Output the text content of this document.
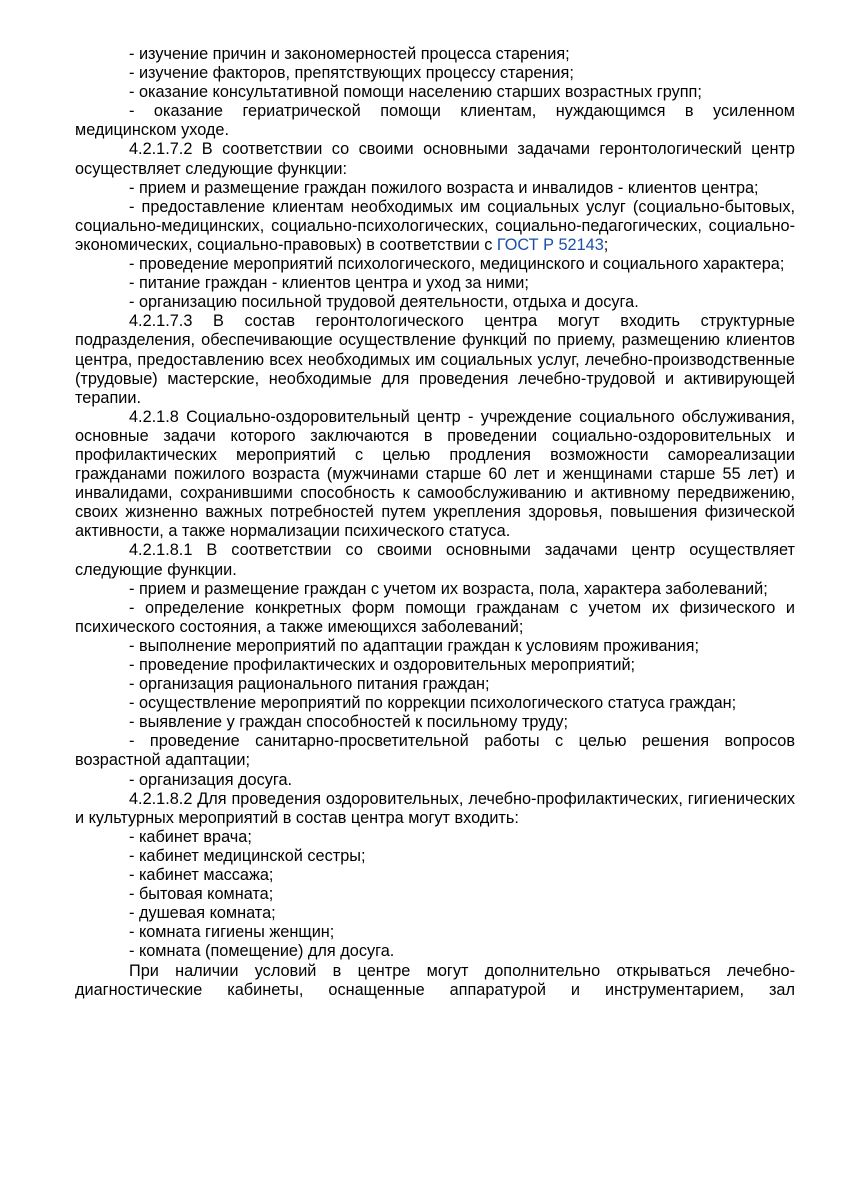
- изучение причин и закономерностей процесса старения;

- изучение факторов, препятствующих процессу старения;

- оказание консультативной помощи населению старших возрастных групп;

- оказание гериатрической помощи клиентам, нуждающимся в усиленном медицинском уходе.

4.2.1.7.2 В соответствии со своими основными задачами геронтологический центр осуществляет следующие функции:

- прием и размещение граждан пожилого возраста и инвалидов - клиентов центра;

- предоставление клиентам необходимых им социальных услуг (социально-бытовых, социально-медицинских, социально-психологических, социально-педагогических, социально-экономических, социально-правовых) в соответствии с ГОСТ Р 52143;

- проведение мероприятий психологического, медицинского и социального характера;

- питание граждан - клиентов центра и уход за ними;

- организацию посильной трудовой деятельности, отдыха и досуга.

4.2.1.7.3 В состав геронтологического центра могут входить структурные подразделения, обеспечивающие осуществление функций по приему, размещению клиентов центра, предоставлению всех необходимых им социальных услуг, лечебно-производственные (трудовые) мастерские, необходимые для проведения лечебно-трудовой и активирующей терапии.

4.2.1.8 Социально-оздоровительный центр - учреждение социального обслуживания, основные задачи которого заключаются в проведении социально-оздоровительных и профилактических мероприятий с целью продления возможности самореализации гражданами пожилого возраста (мужчинами старше 60 лет и женщинами старше 55 лет) и инвалидами, сохранившими способность к самообслуживанию и активному передвижению, своих жизненно важных потребностей путем укрепления здоровья, повышения физической активности, а также нормализации психического статуса.

4.2.1.8.1 В соответствии со своими основными задачами центр осуществляет следующие функции.

- прием и размещение граждан с учетом их возраста, пола, характера заболеваний;

- определение конкретных форм помощи гражданам с учетом их физического и психического состояния, а также имеющихся заболеваний;

- выполнение мероприятий по адаптации граждан к условиям проживания;

- проведение профилактических и оздоровительных мероприятий;

- организация рационального питания граждан;

- осуществление мероприятий по коррекции психологического статуса граждан;

- выявление у граждан способностей к посильному труду;

- проведение санитарно-просветительной работы с целью решения вопросов возрастной адаптации;

- организация досуга.

4.2.1.8.2 Для проведения оздоровительных, лечебно-профилактических, гигиенических и культурных мероприятий в состав центра могут входить:

- кабинет врача;

- кабинет медицинской сестры;

- кабинет массажа;

- бытовая комната;

- душевая комната;

- комната гигиены женщин;

- комната (помещение) для досуга.

При наличии условий в центре могут дополнительно открываться лечебно-диагностические кабинеты, оснащенные аппаратурой и инструментарием, зал
